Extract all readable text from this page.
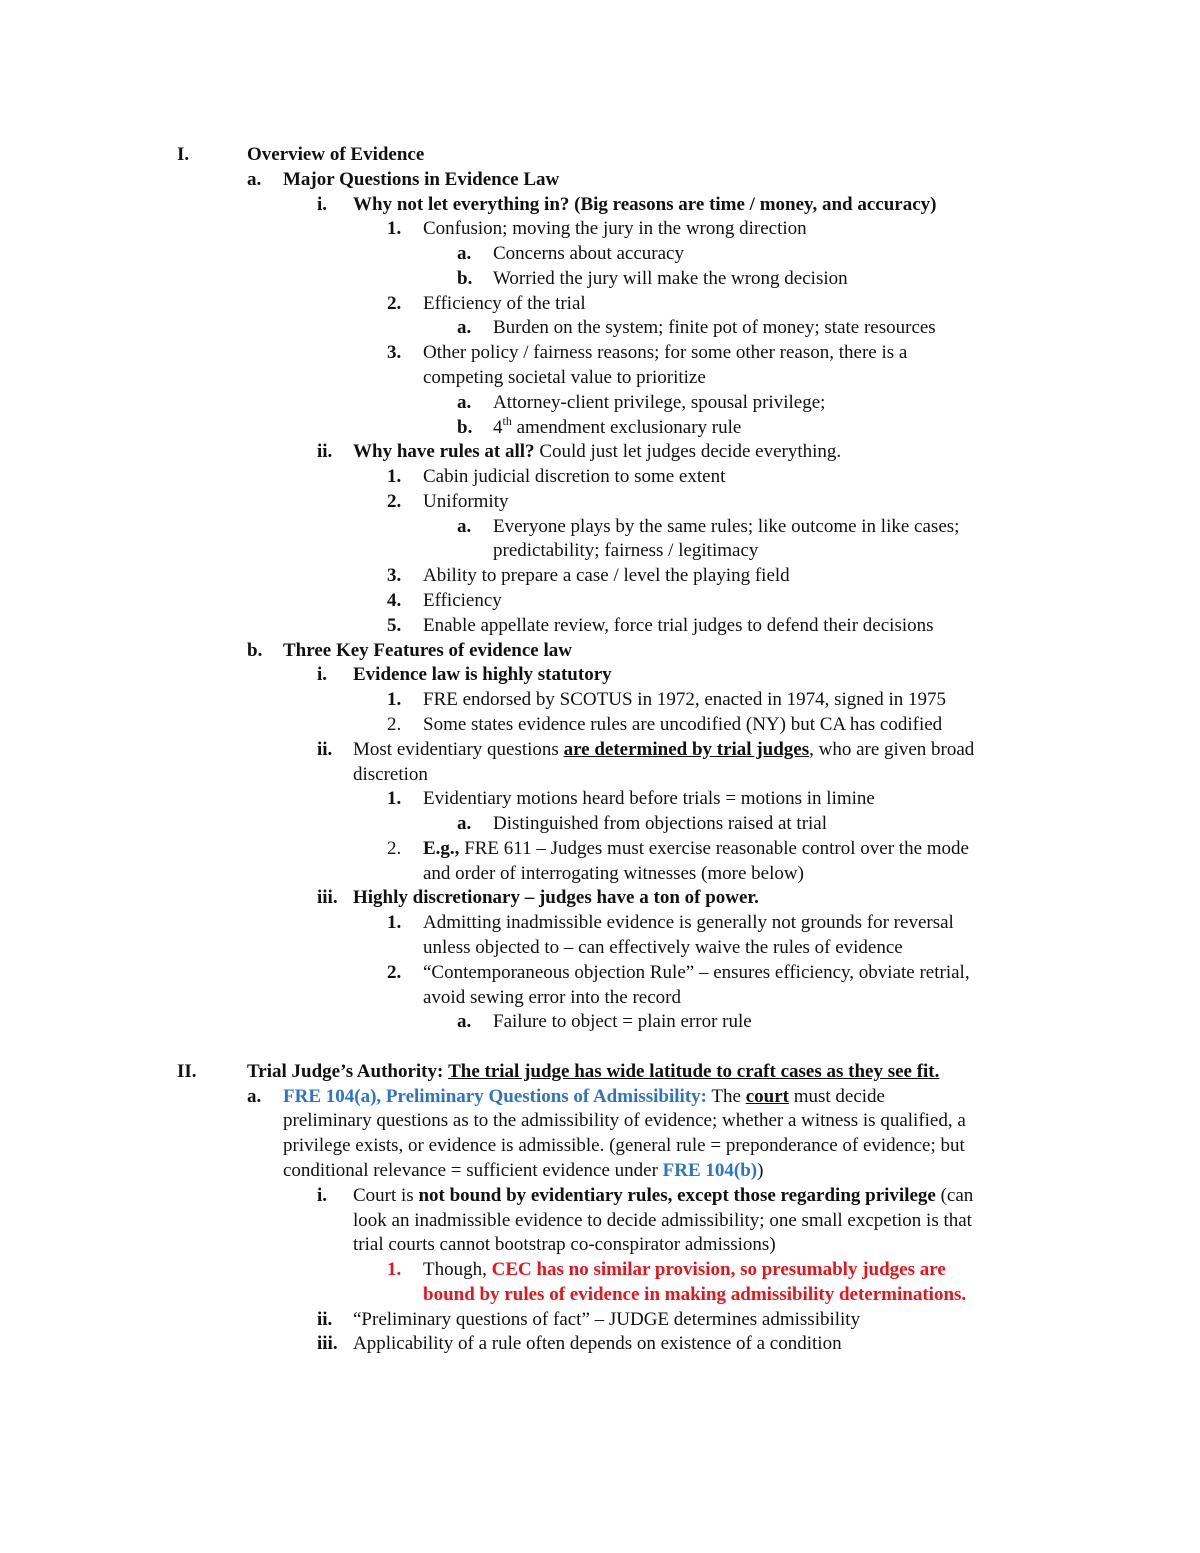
I.	Overview of Evidence
a. Major Questions in Evidence Law
i. Why not let everything in? (Big reasons are time / money, and accuracy)
1. Confusion; moving the jury in the wrong direction
a. Concerns about accuracy
b. Worried the jury will make the wrong decision
2. Efficiency of the trial
a. Burden on the system; finite pot of money; state resources
3. Other policy / fairness reasons; for some other reason, there is a
competing societal value to prioritize
a. Attorney-client privilege, spousal privilege;
b. 4th amendment exclusionary rule
ii. Why have rules at all? Could just let judges decide everything.
1. Cabin judicial discretion to some extent
2. Uniformity
a. Everyone plays by the same rules; like outcome in like cases;
predictability; fairness / legitimacy
3. Ability to prepare a case / level the playing field
4. Efficiency
5. Enable appellate review, force trial judges to defend their decisions
b. Three Key Features of evidence law
i. Evidence law is highly statutory
1. FRE endorsed by SCOTUS in 1972, enacted in 1974, signed in 1975
2. Some states evidence rules are uncodified (NY) but CA has codified
ii. Most evidentiary questions are determined by trial judges, who are given broad
discretion
1. Evidentiary motions heard before trials = motions in limine
a. Distinguished from objections raised at trial
2. E.g., FRE 611 – Judges must exercise reasonable control over the mode
and order of interrogating witnesses (more below)
iii. Highly discretionary – judges have a ton of power.
1. Admitting inadmissible evidence is generally not grounds for reversal
unless objected to – can effectively waive the rules of evidence
2. “Contemporaneous objection Rule” – ensures efficiency, obviate retrial,
avoid sewing error into the record
a. Failure to object = plain error rule
II.	Trial Judge’s Authority: The trial judge has wide latitude to craft cases as they see fit.
a. FRE 104(a), Preliminary Questions of Admissibility: The court must decide
preliminary questions as to the admissibility of evidence; whether a witness is qualified, a
privilege exists, or evidence is admissible. (general rule = preponderance of evidence; but
conditional relevance = sufficient evidence under FRE 104(b))
i. Court is not bound by evidentiary rules, except those regarding privilege (can
look an inadmissible evidence to decide admissibility; one small excpetion is that
trial courts cannot bootstrap co-conspirator admissions)
1. Though, CEC has no similar provision, so presumably judges are
bound by rules of evidence in making admissibility determinations.
ii. “Preliminary questions of fact” – JUDGE determines admissibility
iii. Applicability of a rule often depends on existence of a condition
